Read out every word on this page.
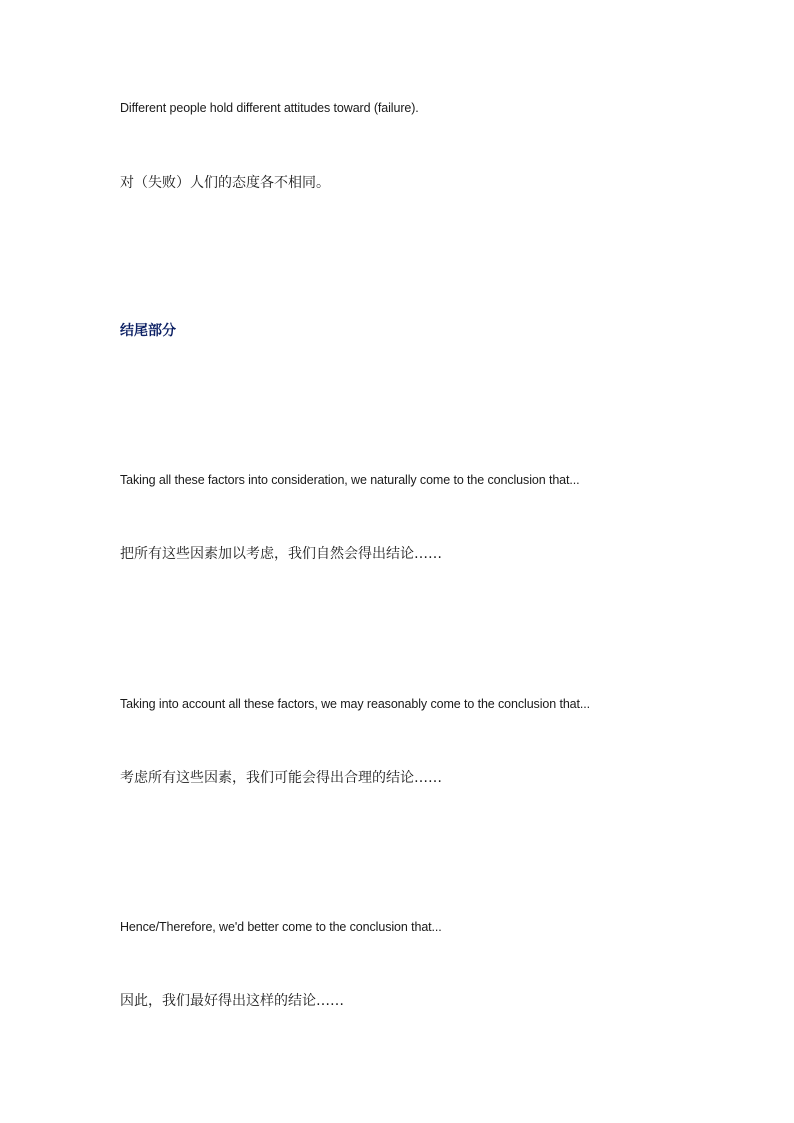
Different people hold different attitudes toward (failure).
对（失败）人们的态度各不相同。
结尾部分
Taking all these factors into consideration, we naturally come to the conclusion that...
把所有这些因素加以考虑，我们自然会得出结论……
Taking into account all these factors, we may reasonably come to the conclusion that...
考虑所有这些因素，我们可能会得出合理的结论……
Hence/Therefore, we'd better come to the conclusion that...
因此，我们最好得出这样的结论……
